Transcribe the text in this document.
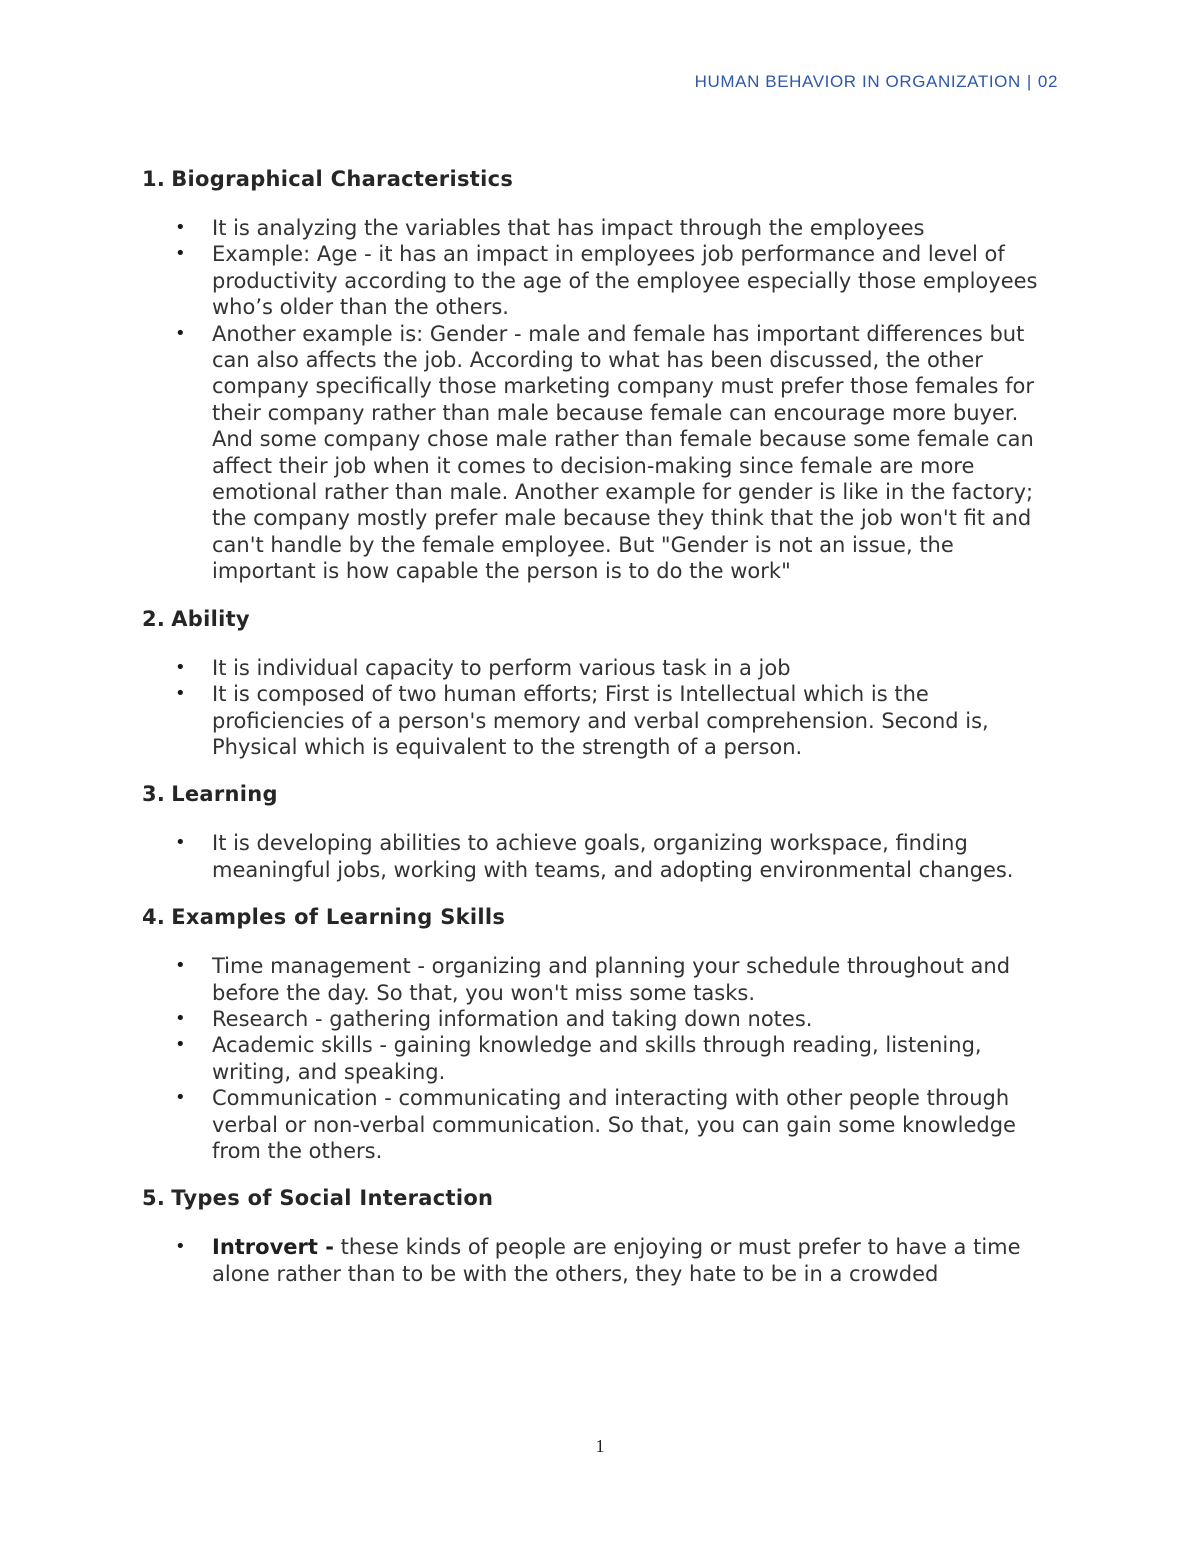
HUMAN BEHAVIOR IN ORGANIZATION | 02
1. Biographical Characteristics
• It is analyzing the variables that has impact through the employees
• Example: Age - it has an impact in employees job performance and level of productivity according to the age of the employee especially those employees who’s older than the others.
• Another example is: Gender - male and female has important differences but can also affects the job. According to what has been discussed, the other company specifically those marketing company must prefer those females for their company rather than male because female can encourage more buyer. And some company chose male rather than female because some female can affect their job when it comes to decision-making since female are more emotional rather than male. Another example for gender is like in the factory; the company mostly prefer male because they think that the job won't fit and can't handle by the female employee. But "Gender is not an issue, the important is how capable the person is to do the work"
2. Ability
• It is individual capacity to perform various task in a job
• It is composed of two human efforts; First is Intellectual which is the proficiencies of a person's memory and verbal comprehension. Second is, Physical which is equivalent to the strength of a person.
3. Learning
• It is developing abilities to achieve goals, organizing workspace, finding meaningful jobs, working with teams, and adopting environmental changes.
4. Examples of Learning Skills
• Time management - organizing and planning your schedule throughout and before the day. So that, you won't miss some tasks.
• Research - gathering information and taking down notes.
• Academic skills - gaining knowledge and skills through reading, listening, writing, and speaking.
• Communication - communicating and interacting with other people through verbal or non-verbal communication. So that, you can gain some knowledge from the others.
5. Types of Social Interaction
• Introvert - these kinds of people are enjoying or must prefer to have a time alone rather than to be with the others, they hate to be in a crowded
1
